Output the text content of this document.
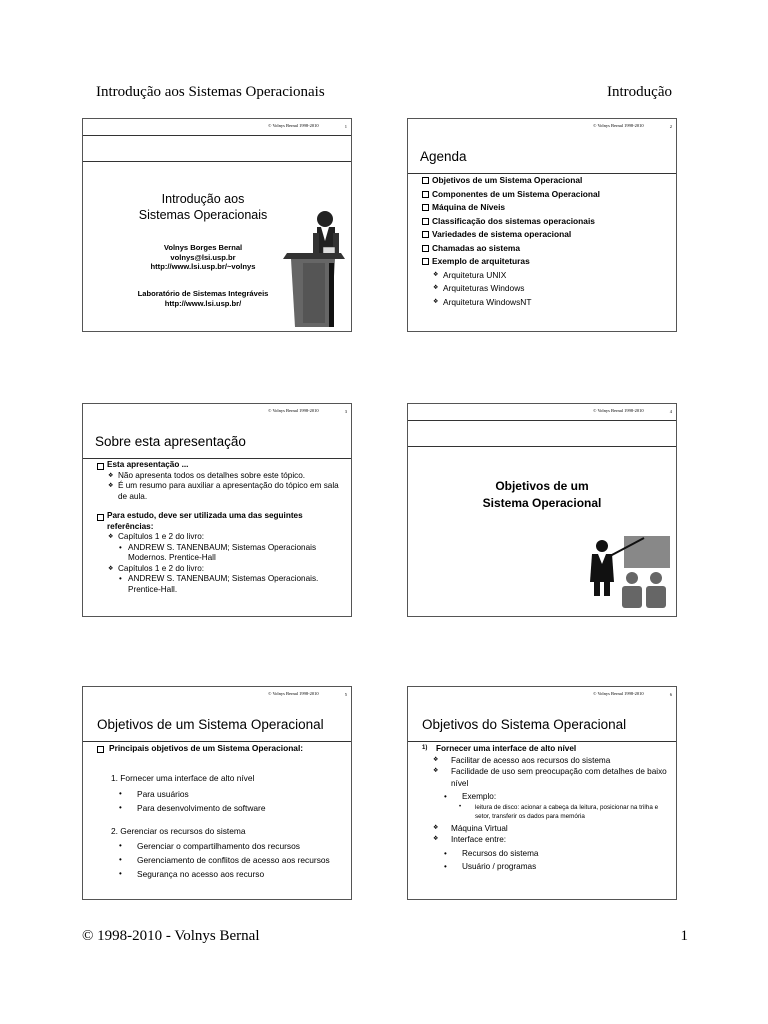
Introdução aos Sistemas Operacionais	Introdução
© Volnys Bernal 1998-2010	1
Introdução aos
Sistemas Operacionais
Volnys Borges Bernal
volnys@lsi.usp.br
http://www.lsi.usp.br/~volnys
Laboratório de Sistemas Integráveis
http://www.lsi.usp.br/
© Volnys Bernal 1998-2010	2
Agenda
Objetivos de um Sistema Operacional
Componentes de um Sistema Operacional
Máquina de Níveis
Classificação dos sistemas operacionais
Variedades de sistema operacional
Chamadas ao sistema
Exemplo de arquiteturas
❖ Arquitetura UNIX
❖ Arquiteturas Windows
❖ Arquitetura WindowsNT
© Volnys Bernal 1998-2010	3
Sobre esta apresentação
Esta apresentação ...
❖ Não apresenta todos os detalhes sobre este tópico.
❖ É um resumo para auxiliar a apresentação do tópico em sala de aula.
Para estudo, deve ser utilizada uma das seguintes referências:
❖ Capítulos 1 e 2 do livro:
• ANDREW S. TANENBAUM; Sistemas Operacionais Modernos. Prentice-Hall
❖ Capítulos 1 e 2 do livro:
• ANDREW S. TANENBAUM; Sistemas Operacionais. Prentice-Hall.
© Volnys Bernal 1998-2010	4
Objetivos de um
Sistema Operacional
© Volnys Bernal 1998-2010	5
Objetivos de um Sistema Operacional
Principais objetivos de um Sistema Operacional:
1. Fornecer uma interface de alto nível
• Para usuários
• Para desenvolvimento de software
2. Gerenciar os recursos do sistema
• Gerenciar o compartilhamento dos recursos
• Gerenciamento de conflitos de acesso aos recursos
• Segurança no acesso aos recurso
© Volnys Bernal 1998-2010	6
Objetivos do Sistema Operacional
1) Fornecer uma interface de alto nível
❖ Facilitar de acesso aos recursos do sistema
❖ Facilidade de uso sem preocupação com detalhes de baixo nível
• Exemplo:
• leitura de disco: acionar a cabeça da leitura, posicionar na trilha e setor, transferir os dados para memória
❖ Máquina Virtual
❖ Interface entre:
• Recursos do sistema
• Usuário / programas
© 1998-2010 - Volnys Bernal	1
